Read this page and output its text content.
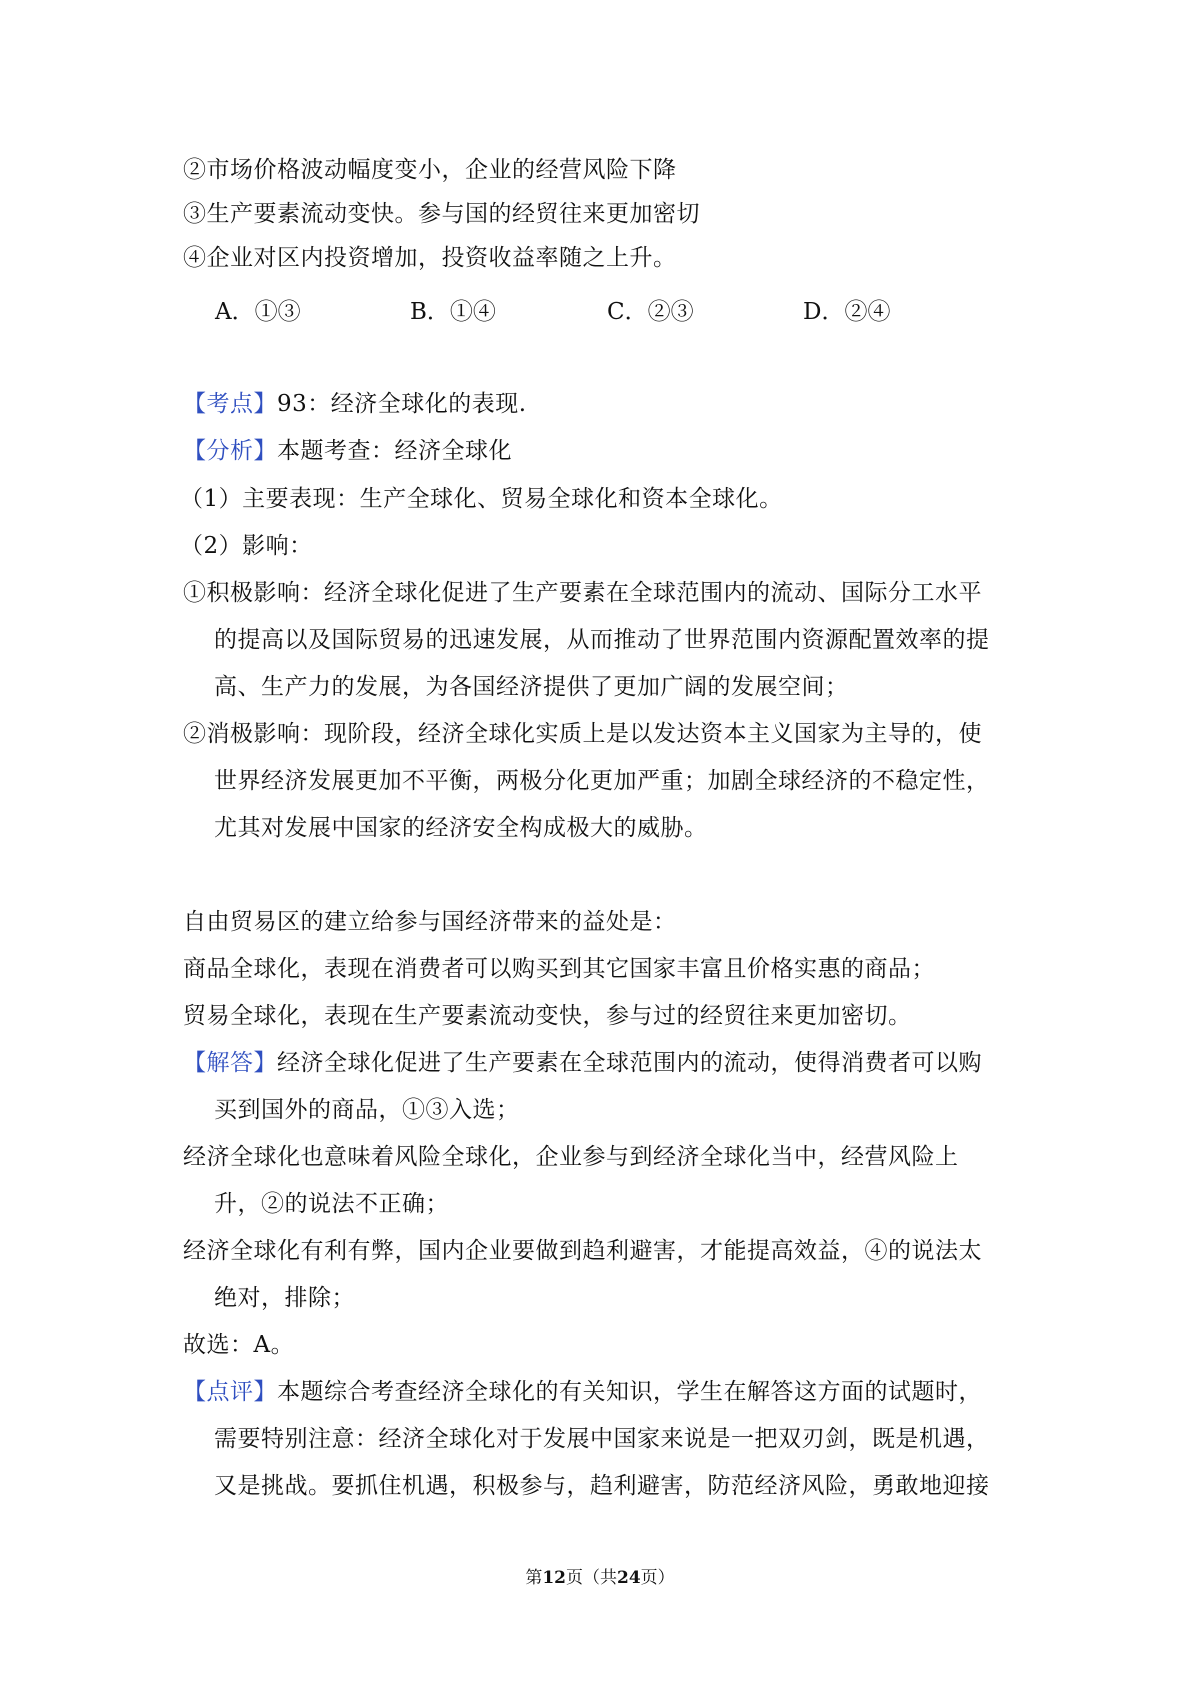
②市场价格波动幅度变小，企业的经营风险下降
③生产要素流动变快。参与国的经贸往来更加密切
④企业对区内投资增加，投资收益率随之上升。
A．①③	B．①④	C．②③	D．②④
【考点】93：经济全球化的表现.
【分析】本题考查：经济全球化
（1）主要表现：生产全球化、贸易全球化和资本全球化。
（2）影响：
①积极影响：经济全球化促进了生产要素在全球范围内的流动、国际分工水平
的提高以及国际贸易的迅速发展，从而推动了世界范围内资源配置效率的提
高、生产力的发展，为各国经济提供了更加广阔的发展空间；
②消极影响：现阶段，经济全球化实质上是以发达资本主义国家为主导的，使
世界经济发展更加不平衡，两极分化更加严重；加剧全球经济的不稳定性，
尤其对发展中国家的经济安全构成极大的威胁。
自由贸易区的建立给参与国经济带来的益处是：
商品全球化，表现在消费者可以购买到其它国家丰富且价格实惠的商品；
贸易全球化，表现在生产要素流动变快，参与过的经贸往来更加密切。
【解答】经济全球化促进了生产要素在全球范围内的流动，使得消费者可以购
买到国外的商品，①③入选；
经济全球化也意味着风险全球化，企业参与到经济全球化当中，经营风险上
升，②的说法不正确；
经济全球化有利有弊，国内企业要做到趋利避害，才能提高效益，④的说法太
绝对，排除；
故选：A。
【点评】本题综合考查经济全球化的有关知识，学生在解答这方面的试题时，
需要特别注意：经济全球化对于发展中国家来说是一把双刃剑，既是机遇，
又是挑战。要抓住机遇，积极参与，趋利避害，防范经济风险，勇敢地迎接
第12页（共24页）
